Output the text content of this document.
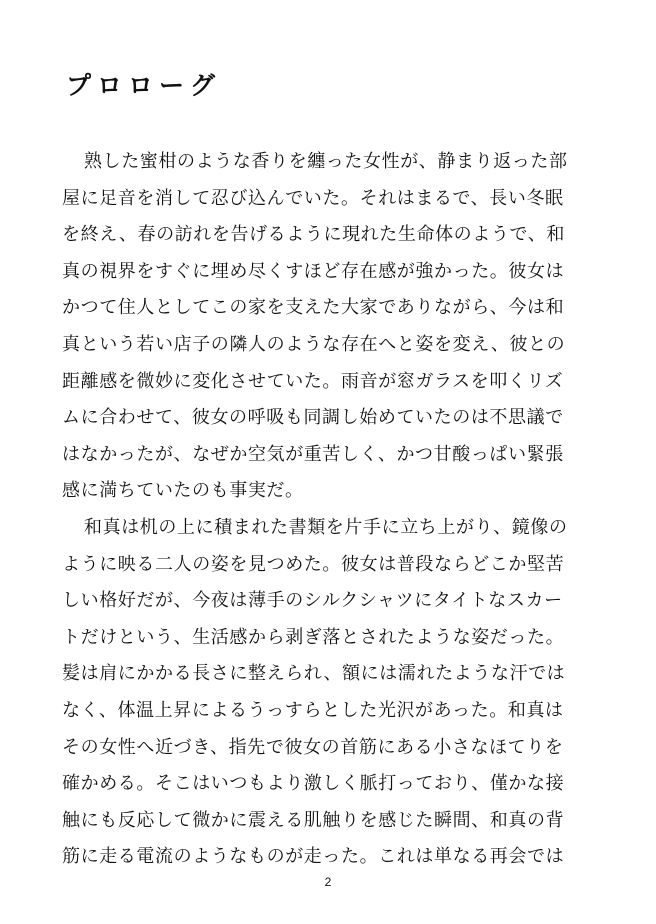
プロローグ
熟した蜜柑のような香りを纏った女性が、静まり返った部
屋に足音を消して忍び込んでいた。それはまるで、長い冬眠
を終え、春の訪れを告げるように現れた生命体のようで、和
真の視界をすぐに埋め尽くすほど存在感が強かった。彼女は
かつて住人としてこの家を支えた大家でありながら、今は和
真という若い店子の隣人のような存在へと姿を変え、彼との
距離感を微妙に変化させていた。雨音が窓ガラスを叩くリズ
ムに合わせて、彼女の呼吸も同調し始めていたのは不思議で
はなかったが、なぜか空気が重苦しく、かつ甘酸っぱい緊張
感に満ちていたのも事実だ。
和真は机の上に積まれた書類を片手に立ち上がり、鏡像の
ように映る二人の姿を見つめた。彼女は普段ならどこか堅苦
しい格好だが、今夜は薄手のシルクシャツにタイトなスカー
トだけという、生活感から剥ぎ落とされたような姿だった。
髪は肩にかかる長さに整えられ、額には濡れたような汗では
なく、体温上昇によるうっすらとした光沢があった。和真は
その女性へ近づき、指先で彼女の首筋にある小さなほてりを
確かめる。そこはいつもより激しく脈打っており、僅かな接
触にも反応して微かに震える肌触りを感じた瞬間、和真の背
筋に走る電流のようなものが走った。これは単なる再会では
2
